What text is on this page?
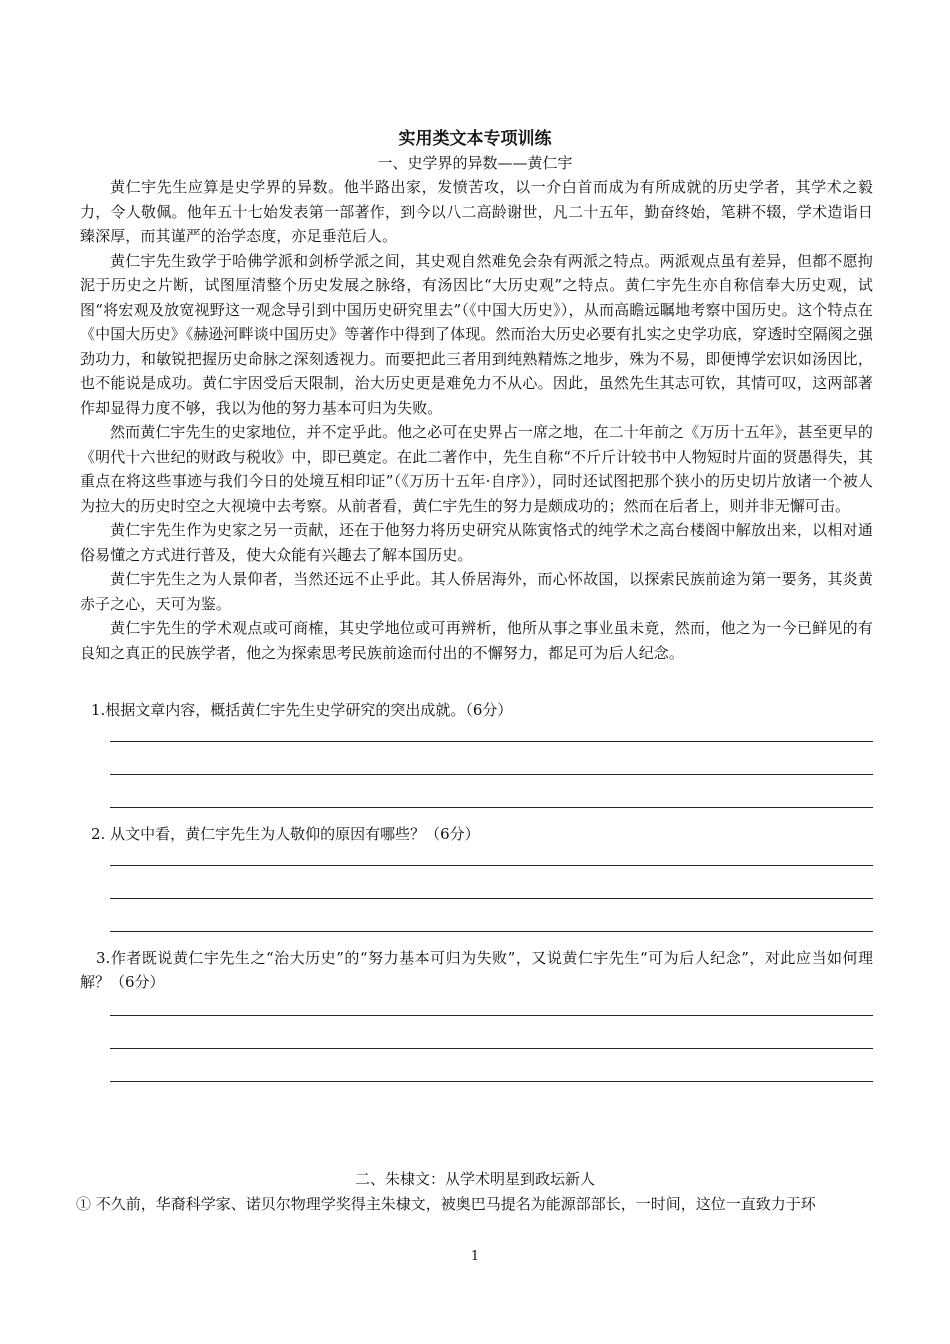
实用类文本专项训练
一、史学界的异数——黄仁宇

黄仁宇先生应算是史学界的异数。他半路出家，发愤苦攻，以一介白首而成为有所成就的历史学者，其学术之毅力，令人敬佩。他年五十七始发表第一部著作，到今以八二高龄谢世，凡二十五年，勤奋终始，笔耕不辍，学术造诣日臻深厚，而其谨严的治学态度，亦足垂范后人。

黄仁宇先生致学于哈佛学派和剑桥学派之间，其史观自然难免会杂有两派之特点。两派观点虽有差异，但都不愿拘泥于历史之片断，试图厘清整个历史发展之脉络，有汤因比“大历史观”之特点。黄仁宇先生亦自称信奉大历史观，试图“将宏观及放宽视野这一观念导引到中国历史研究里去”（《中国大历史》），从而高瞻远瞩地考察中国历史。这个特点在《中国大历史》《赫逊河畔谈中国历史》等著作中得到了体现。然而治大历史必要有扎实之史学功底，穿透时空隔阂之强劲功力，和敏锐把握历史命脉之深刻透视力。而要把此三者用到纯熟精炼之地步，殊为不易，即便博学宏识如汤因比，也不能说是成功。黄仁宇因受后天限制，治大历史更是难免力不从心。因此，虽然先生其志可钦，其情可叹，这两部著作却显得力度不够，我以为他的努力基本可归为失败。

然而黄仁宇先生的史家地位，并不定乎此。他之必可在史界占一席之地，在二十年前之《万历十五年》，甚至更早的《明代十六世纪的财政与税收》中，即已奠定。在此二著作中，先生自称“不斤斤计较书中人物短时片面的贤愚得失，其重点在将这些事迹与我们今日的处境互相印证”（《万历十五年·自序》），同时还试图把那个狭小的历史切片放诸一个被人为拉大的历史时空之大视境中去考察。从前者看，黄仁宇先生的努力是颇成功的；然而在后者上，则并非无懈可击。

黄仁宇先生作为史家之另一贡献，还在于他努力将历史研究从陈寅恪式的纯学术之高台楼阁中解放出来，以相对通俗易懂之方式进行普及，使大众能有兴趣去了解本国历史。

黄仁宇先生之为人景仰者，当然还远不止乎此。其人侨居海外，而心怀故国，以探索民族前途为第一要务，其炎黄赤子之心，天可为鉴。

黄仁宇先生的学术观点或可商榷，其史学地位或可再辨析，他所从事之事业虽未竟，然而，他之为一今已鲜见的有良知之真正的民族学者，他之为探索思考民族前途而付出的不懈努力，都足可为后人纪念。

1.根据文章内容，概括黄仁宇先生史学研究的突出成就。（6分）
2. 从文中看，黄仁宇先生为人敬仰的原因有哪些？（6分）
3.作者既说黄仁宇先生之“治大历史”的“努力基本可归为失败”，又说黄仁宇先生“可为后人纪念”，对此应当如何理解？（6分）
二、朱棣文：从学术明星到政坛新人
① 不久前，华裔科学家、诺贝尔物理学奖得主朱棣文，被奥巴马提名为能源部部长，一时间，这位一直致力于环
1
